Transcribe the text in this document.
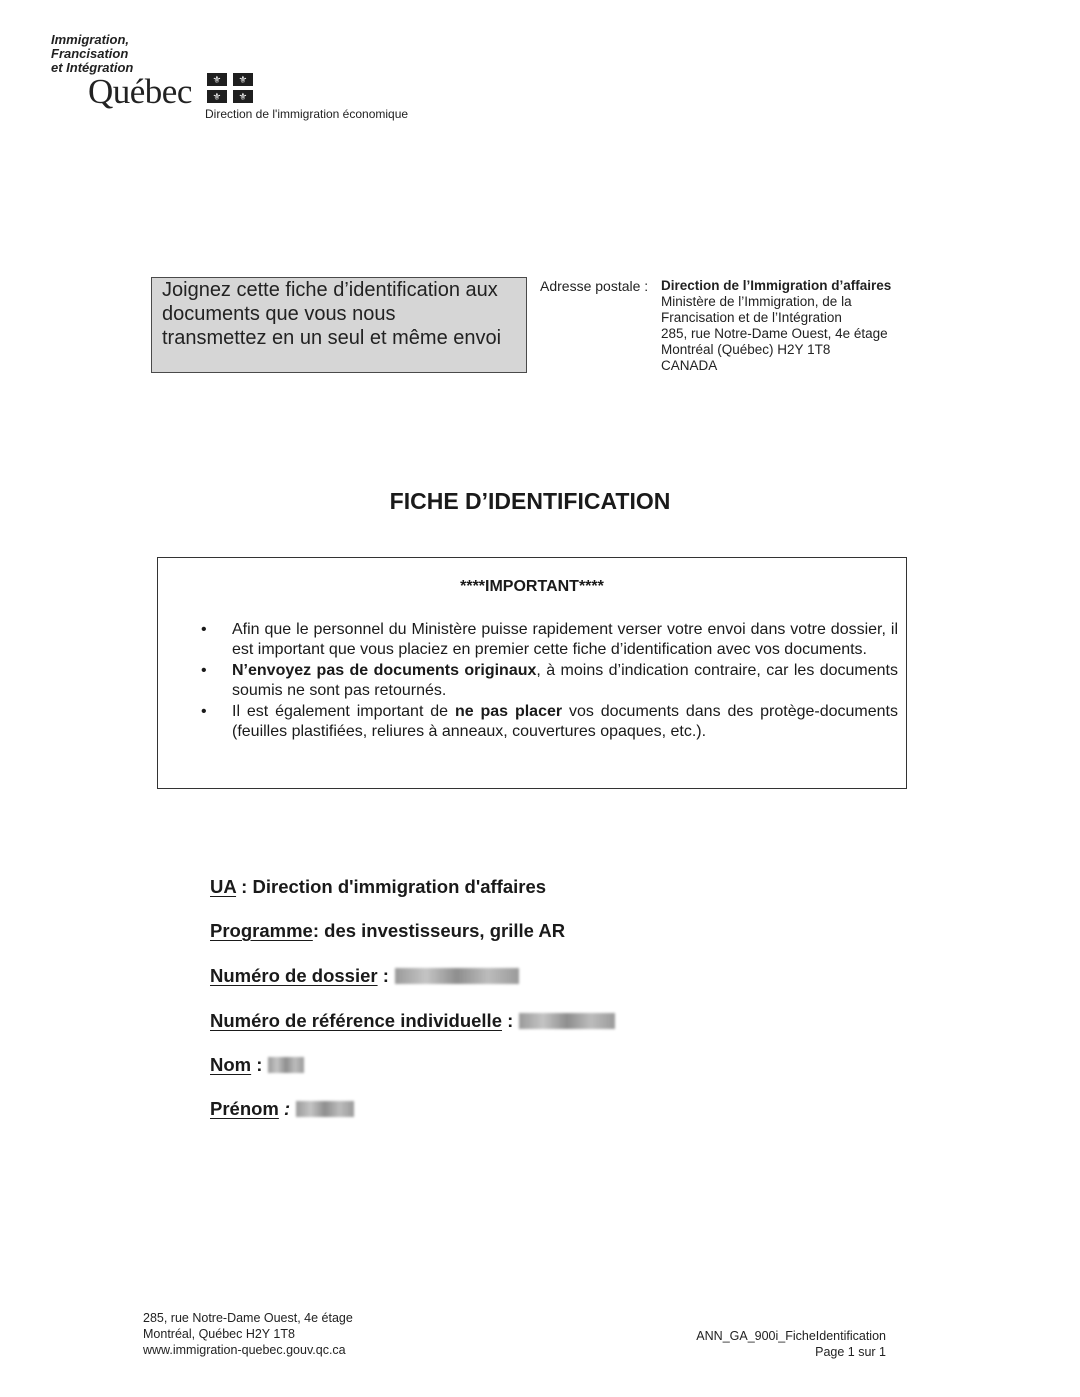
Immigration,
Francisation
et Intégration
Québec ⚜ ⚜
⚜ ⚜
Direction de l'immigration économique
Joignez cette fiche d’identification aux
documents que vous nous
transmettez en un seul et même envoi
Adresse postale : Direction de l’Immigration d’affaires
Ministère de l’Immigration, de la
Francisation et de l’Intégration
285, rue Notre-Dame Ouest, 4e étage
Montréal (Québec) H2Y 1T8
CANADA
FICHE D’IDENTIFICATION
****IMPORTANT****
• Afin que le personnel du Ministère puisse rapidement verser votre envoi dans votre dossier, il est important que vous placiez en premier cette fiche d’identification avec vos documents.
• N’envoyez pas de documents originaux, à moins d’indication contraire, car les documents soumis ne sont pas retournés.
• Il est également important de ne pas placer vos documents dans des protège-documents (feuilles plastifiées, reliures à anneaux, couvertures opaques, etc.).
UA : Direction d'immigration d'affaires
Programme: des investisseurs, grille AR
Numéro de dossier :
Numéro de référence individuelle :
Nom :
Prénom :
285, rue Notre-Dame Ouest, 4e étage
Montréal, Québec H2Y 1T8
www.immigration-quebec.gouv.qc.ca
ANN_GA_900i_FicheIdentification
Page 1 sur 1
